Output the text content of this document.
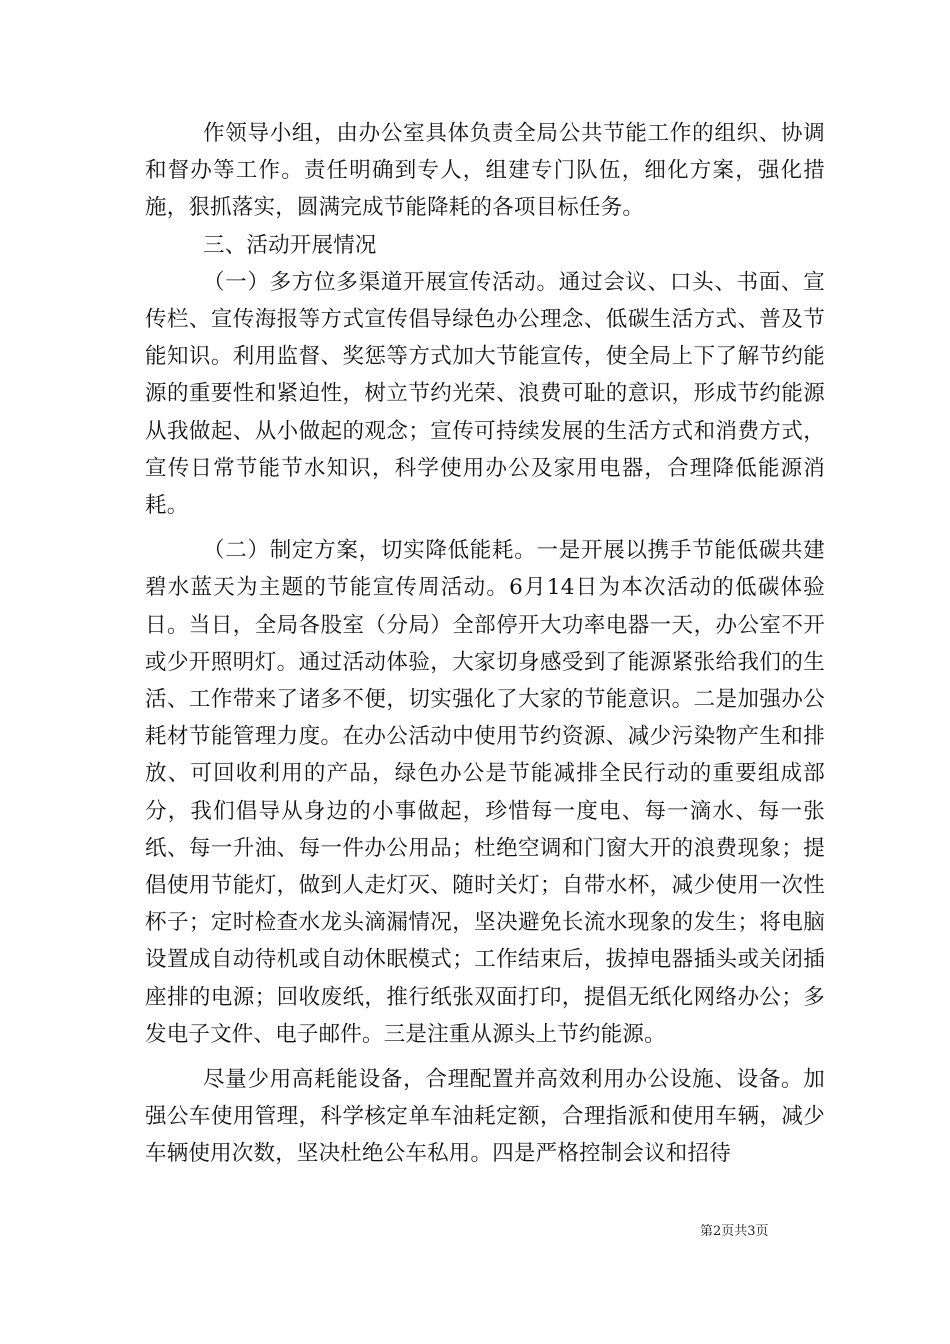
作领导小组，由办公室具体负责全局公共节能工作的组织、协调和督办等工作。责任明确到专人，组建专门队伍，细化方案，强化措施，狠抓落实，圆满完成节能降耗的各项目标任务。

三、活动开展情况

（一）多方位多渠道开展宣传活动。通过会议、口头、书面、宣传栏、宣传海报等方式宣传倡导绿色办公理念、低碳生活方式、普及节能知识。利用监督、奖惩等方式加大节能宣传，使全局上下了解节约能源的重要性和紧迫性，树立节约光荣、浪费可耻的意识，形成节约能源从我做起、从小做起的观念；宣传可持续发展的生活方式和消费方式，宣传日常节能节水知识，科学使用办公及家用电器，合理降低能源消耗。

（二）制定方案，切实降低能耗。一是开展以携手节能低碳共建碧水蓝天为主题的节能宣传周活动。6月14日为本次活动的低碳体验日。当日，全局各股室（分局）全部停开大功率电器一天，办公室不开或少开照明灯。通过活动体验，大家切身感受到了能源紧张给我们的生活、工作带来了诸多不便，切实强化了大家的节能意识。二是加强办公耗材节能管理力度。在办公活动中使用节约资源、减少污染物产生和排放、可回收利用的产品，绿色办公是节能减排全民行动的重要组成部分，我们倡导从身边的小事做起，珍惜每一度电、每一滴水、每一张纸、每一升油、每一件办公用品；杜绝空调和门窗大开的浪费现象；提倡使用节能灯，做到人走灯灭、随时关灯；自带水杯，减少使用一次性杯子；定时检查水龙头滴漏情况，坚决避免长流水现象的发生；将电脑设置成自动待机或自动休眠模式；工作结束后，拔掉电器插头或关闭插座排的电源；回收废纸，推行纸张双面打印，提倡无纸化网络办公；多发电子文件、电子邮件。三是注重从源头上节约能源。

尽量少用高耗能设备，合理配置并高效利用办公设施、设备。加强公车使用管理，科学核定单车油耗定额，合理指派和使用车辆，减少车辆使用次数，坚决杜绝公车私用。四是严格控制会议和招待

第2页共3页
